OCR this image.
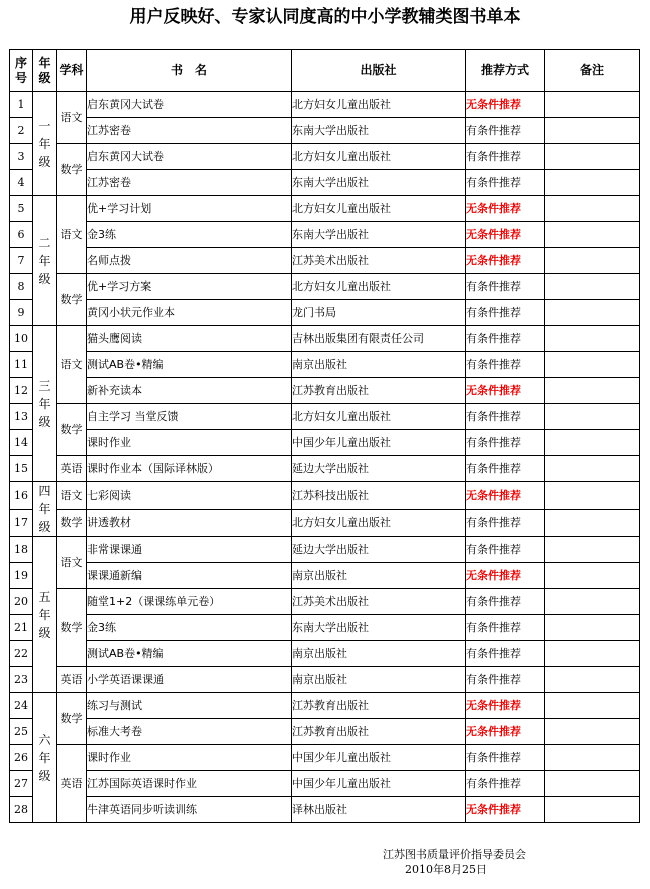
用户反映好、专家认同度高的中小学教辅类图书单本
序号	年级	学科	书　名	出版社	推荐方式	备注
1	一年级	语文	启东黄冈大试卷	北方妇女儿童出版社	无条件推荐	
2			江苏密卷	东南大学出版社	有条件推荐	
3		数学	启东黄冈大试卷	北方妇女儿童出版社	有条件推荐	
4			江苏密卷	东南大学出版社	有条件推荐	
5	二年级	语文	优+学习计划	北方妇女儿童出版社	无条件推荐	
6			金3练	东南大学出版社	无条件推荐	
7			名师点拨	江苏美术出版社	无条件推荐	
8		数学	优+学习方案	北方妇女儿童出版社	有条件推荐	
9			黄冈小状元作业本	龙门书局	有条件推荐	
10	三年级	语文	猫头鹰阅读	吉林出版集团有限责任公司	有条件推荐	
11			测试AB卷•精编	南京出版社	有条件推荐	
12			新补充读本	江苏教育出版社	无条件推荐	
13		数学	自主学习 当堂反馈	北方妇女儿童出版社	有条件推荐	
14			课时作业	中国少年儿童出版社	有条件推荐	
15		英语	课时作业本（国际译林版）	延边大学出版社	有条件推荐	
16	四年级	语文	七彩阅读	江苏科技出版社	无条件推荐	
17		数学	讲透教材	北方妇女儿童出版社	有条件推荐	
18	五年级	语文	非常课课通	延边大学出版社	有条件推荐	
19			课课通新编	南京出版社	无条件推荐	
20		数学	随堂1+2（课课练单元卷）	江苏美术出版社	有条件推荐	
21			金3练	东南大学出版社	有条件推荐	
22			测试AB卷•精编	南京出版社	有条件推荐	
23		英语	小学英语课课通	南京出版社	有条件推荐	
24	六年级	数学	练习与测试	江苏教育出版社	无条件推荐	
25			标准大考卷	江苏教育出版社	无条件推荐	
26		英语	课时作业	中国少年儿童出版社	有条件推荐	
27			江苏国际英语课时作业	中国少年儿童出版社	有条件推荐	
28			牛津英语同步听读训练	译林出版社	无条件推荐	
江苏图书质量评价指导委员会
2010年8月25日
